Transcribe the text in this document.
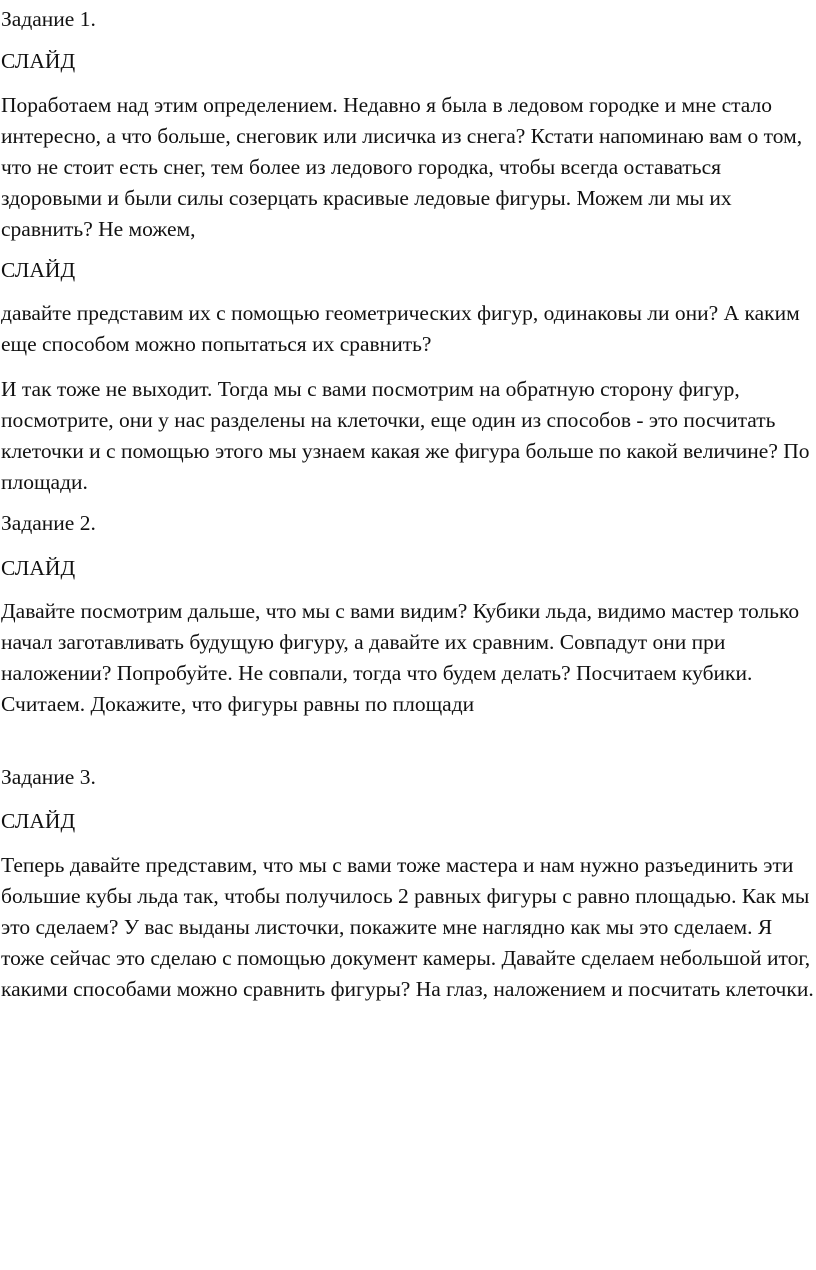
Задание 1.

СЛАЙД

Поработаем над этим определением. Недавно я была в ледовом городке и мне стало интересно, а что больше, снеговик или лисичка из снега? Кстати напоминаю вам о том, что не стоит есть снег, тем более из ледового городка, чтобы всегда оставаться здоровыми и были силы созерцать красивые ледовые фигуры. Можем ли мы их сравнить? Не можем,

СЛАЙД

давайте представим их с помощью геометрических фигур, одинаковы ли они? А каким еще способом можно попытаться их сравнить?

И так тоже не выходит. Тогда мы с вами посмотрим на обратную сторону фигур, посмотрите, они у нас разделены на клеточки, еще один из способов - это посчитать клеточки и с помощью этого мы узнаем какая же фигура больше по какой величине? По площади.

Задание 2.

СЛАЙД

Давайте посмотрим дальше, что мы с вами видим? Кубики льда, видимо мастер только начал заготавливать будущую фигуру, а давайте их сравним. Совпадут они при наложении? Попробуйте. Не совпали, тогда что будем делать? Посчитаем кубики. Считаем. Докажите, что фигуры равны по площади

Задание 3.

СЛАЙД

Теперь давайте представим, что мы с вами тоже мастера и нам нужно разъединить эти большие кубы льда так, чтобы получилось 2 равных фигуры с равно площадью. Как мы это сделаем? У вас выданы листочки, покажите мне наглядно как мы это сделаем. Я тоже сейчас это сделаю с помощью документ камеры. Давайте сделаем небольшой итог, какими способами можно сравнить фигуры? На глаз, наложением и посчитать клеточки.
